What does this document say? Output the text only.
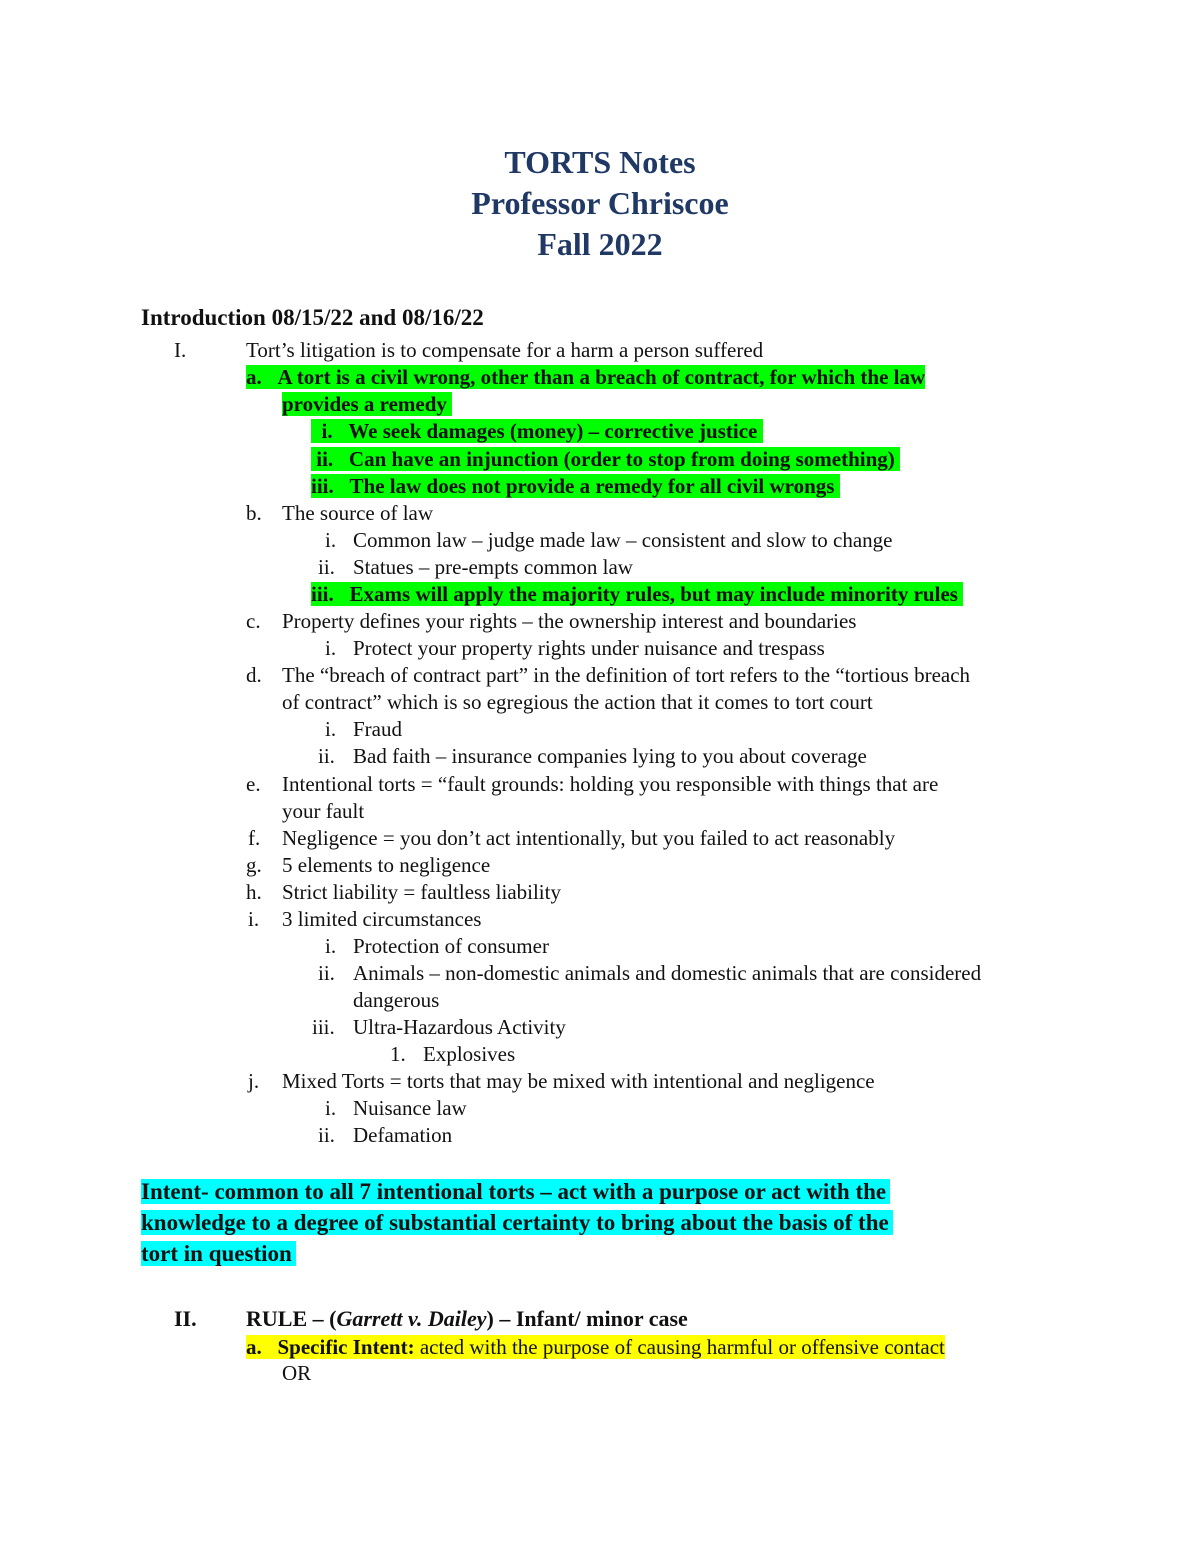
TORTS Notes
Professor Chriscoe
Fall 2022
Introduction 08/15/22 and 08/16/22
I.	Tort’s litigation is to compensate for a harm a person suffered
a. A tort is a civil wrong, other than a breach of contract, for which the law
provides a remedy
i. We seek damages (money) – corrective justice
ii. Can have an injunction (order to stop from doing something)
iii. The law does not provide a remedy for all civil wrongs
b. The source of law
i. Common law – judge made law – consistent and slow to change
ii. Statues – pre-empts common law
iii. Exams will apply the majority rules, but may include minority rules
c. Property defines your rights – the ownership interest and boundaries
i. Protect your property rights under nuisance and trespass
d. The “breach of contract part” in the definition of tort refers to the “tortious breach
of contract” which is so egregious the action that it comes to tort court
i. Fraud
ii. Bad faith – insurance companies lying to you about coverage
e. Intentional torts = “fault grounds: holding you responsible with things that are
your fault
f. Negligence = you don’t act intentionally, but you failed to act reasonably
g. 5 elements to negligence
h. Strict liability = faultless liability
i. 3 limited circumstances
i. Protection of consumer
ii. Animals – non-domestic animals and domestic animals that are considered
dangerous
iii. Ultra-Hazardous Activity
1. Explosives
j. Mixed Torts = torts that may be mixed with intentional and negligence
i. Nuisance law
ii. Defamation
Intent- common to all 7 intentional torts – act with a purpose or act with the
knowledge to a degree of substantial certainty to bring about the basis of the
tort in question
II. RULE – (Garrett v. Dailey) – Infant/ minor case
a. Specific Intent: acted with the purpose of causing harmful or offensive contact
OR
